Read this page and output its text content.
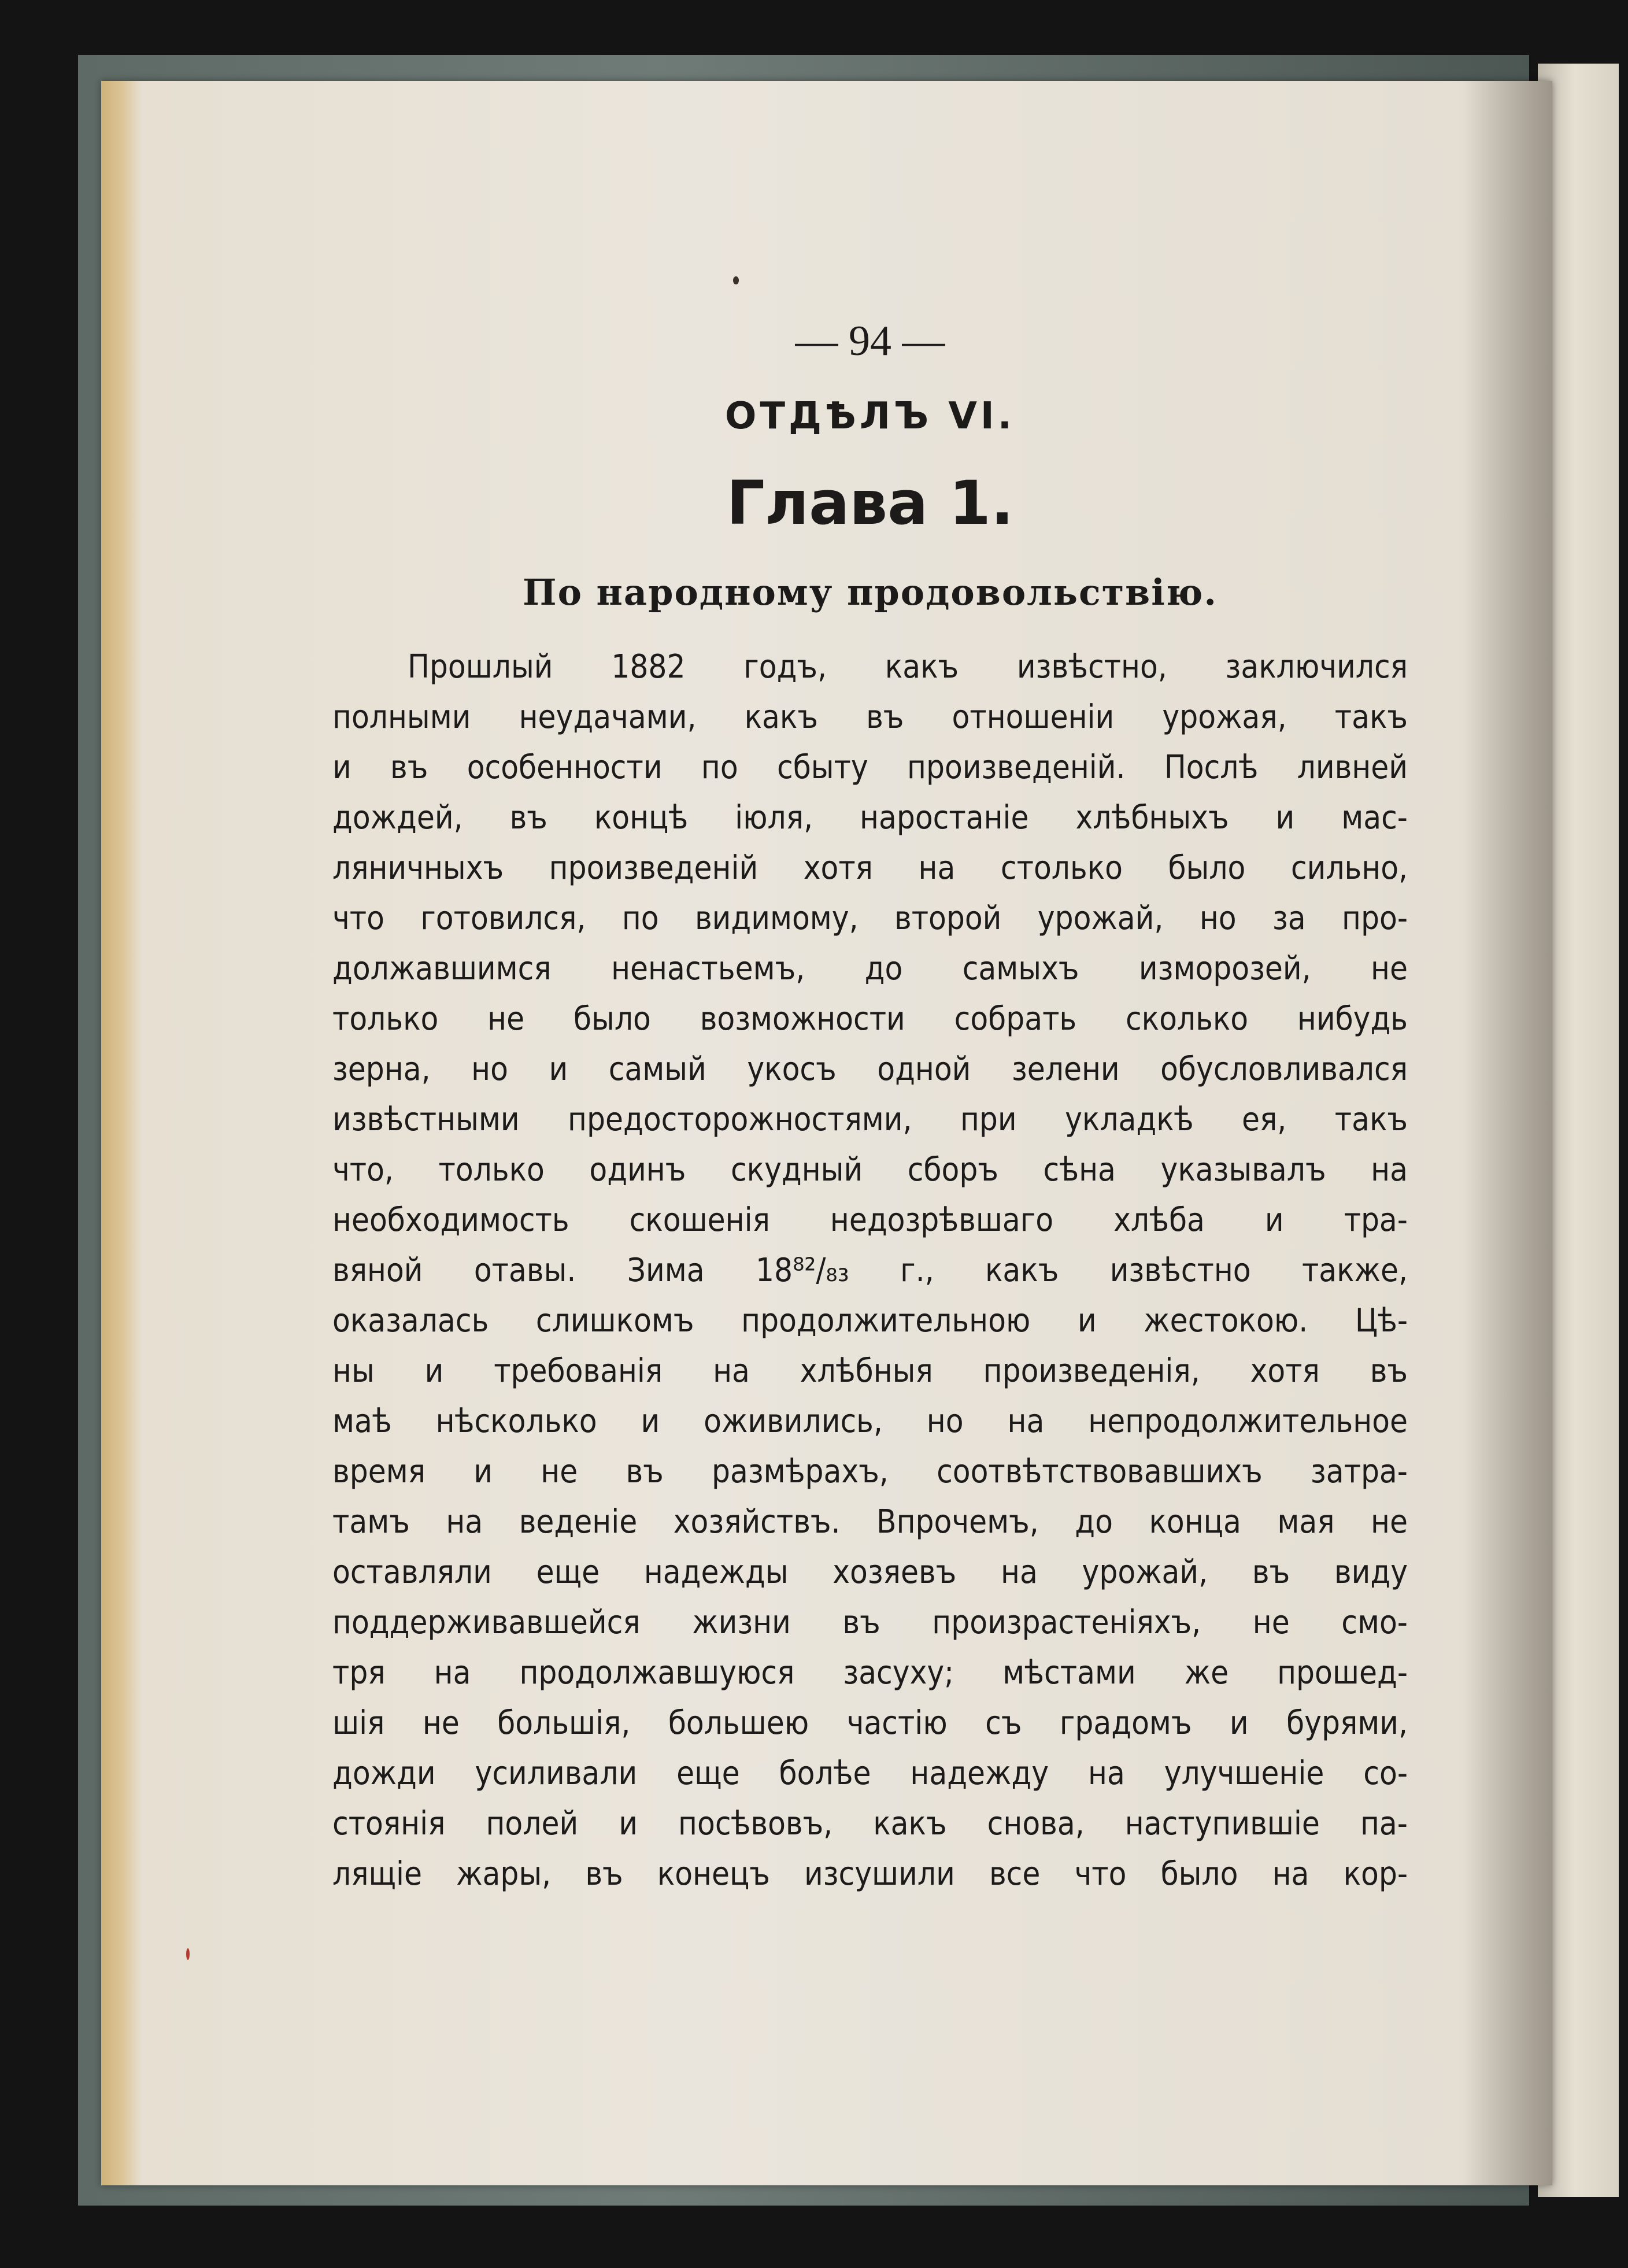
— 94 —
ОТДѢЛЪ VI.
Глава 1.
По народному продовольствію.
Прошлый 1882 годъ, какъ извѣстно, заключился
полными неудачами, какъ въ отношеніи урожая, такъ
и въ особенности по сбыту произведеній. Послѣ ливней
дождей, въ концѣ іюля, наростаніе хлѣбныхъ и мас-
ляничныхъ произведеній хотя на столько было сильно,
что готовился, по видимому, второй урожай, но за про-
должавшимся ненастьемъ, до самыхъ изморозей, не
только не было возможности собрать сколько нибудь
зерна, но и самый укосъ одной зелени обусловливался
извѣстными предосторожностями, при укладкѣ ея, такъ
что, только одинъ скудный сборъ сѣна указывалъ на
необходимость скошенія недозрѣвшаго хлѣба и тра-
вяной отавы. Зима 18⁸²/₈₃ г., какъ извѣстно также,
оказалась слишкомъ продолжительною и жестокою. Цѣ-
ны и требованія на хлѣбныя произведенія, хотя въ
маѣ нѣсколько и оживились, но на непродолжительное
время и не въ размѣрахъ, соотвѣтствовавшихъ затра-
тамъ на веденіе хозяйствъ. Впрочемъ, до конца мая не
оставляли еще надежды хозяевъ на урожай, въ виду
поддерживавшейся жизни въ произрастеніяхъ, не смо-
тря на продолжавшуюся засуху; мѣстами же прошед-
шія не большія, большею частію съ градомъ и бурями,
дожди усиливали еще болѣе надежду на улучшеніе со-
стоянія полей и посѣвовъ, какъ снова, наступившіе па-
лящіе жары, въ конецъ изсушили все что было на кор-
